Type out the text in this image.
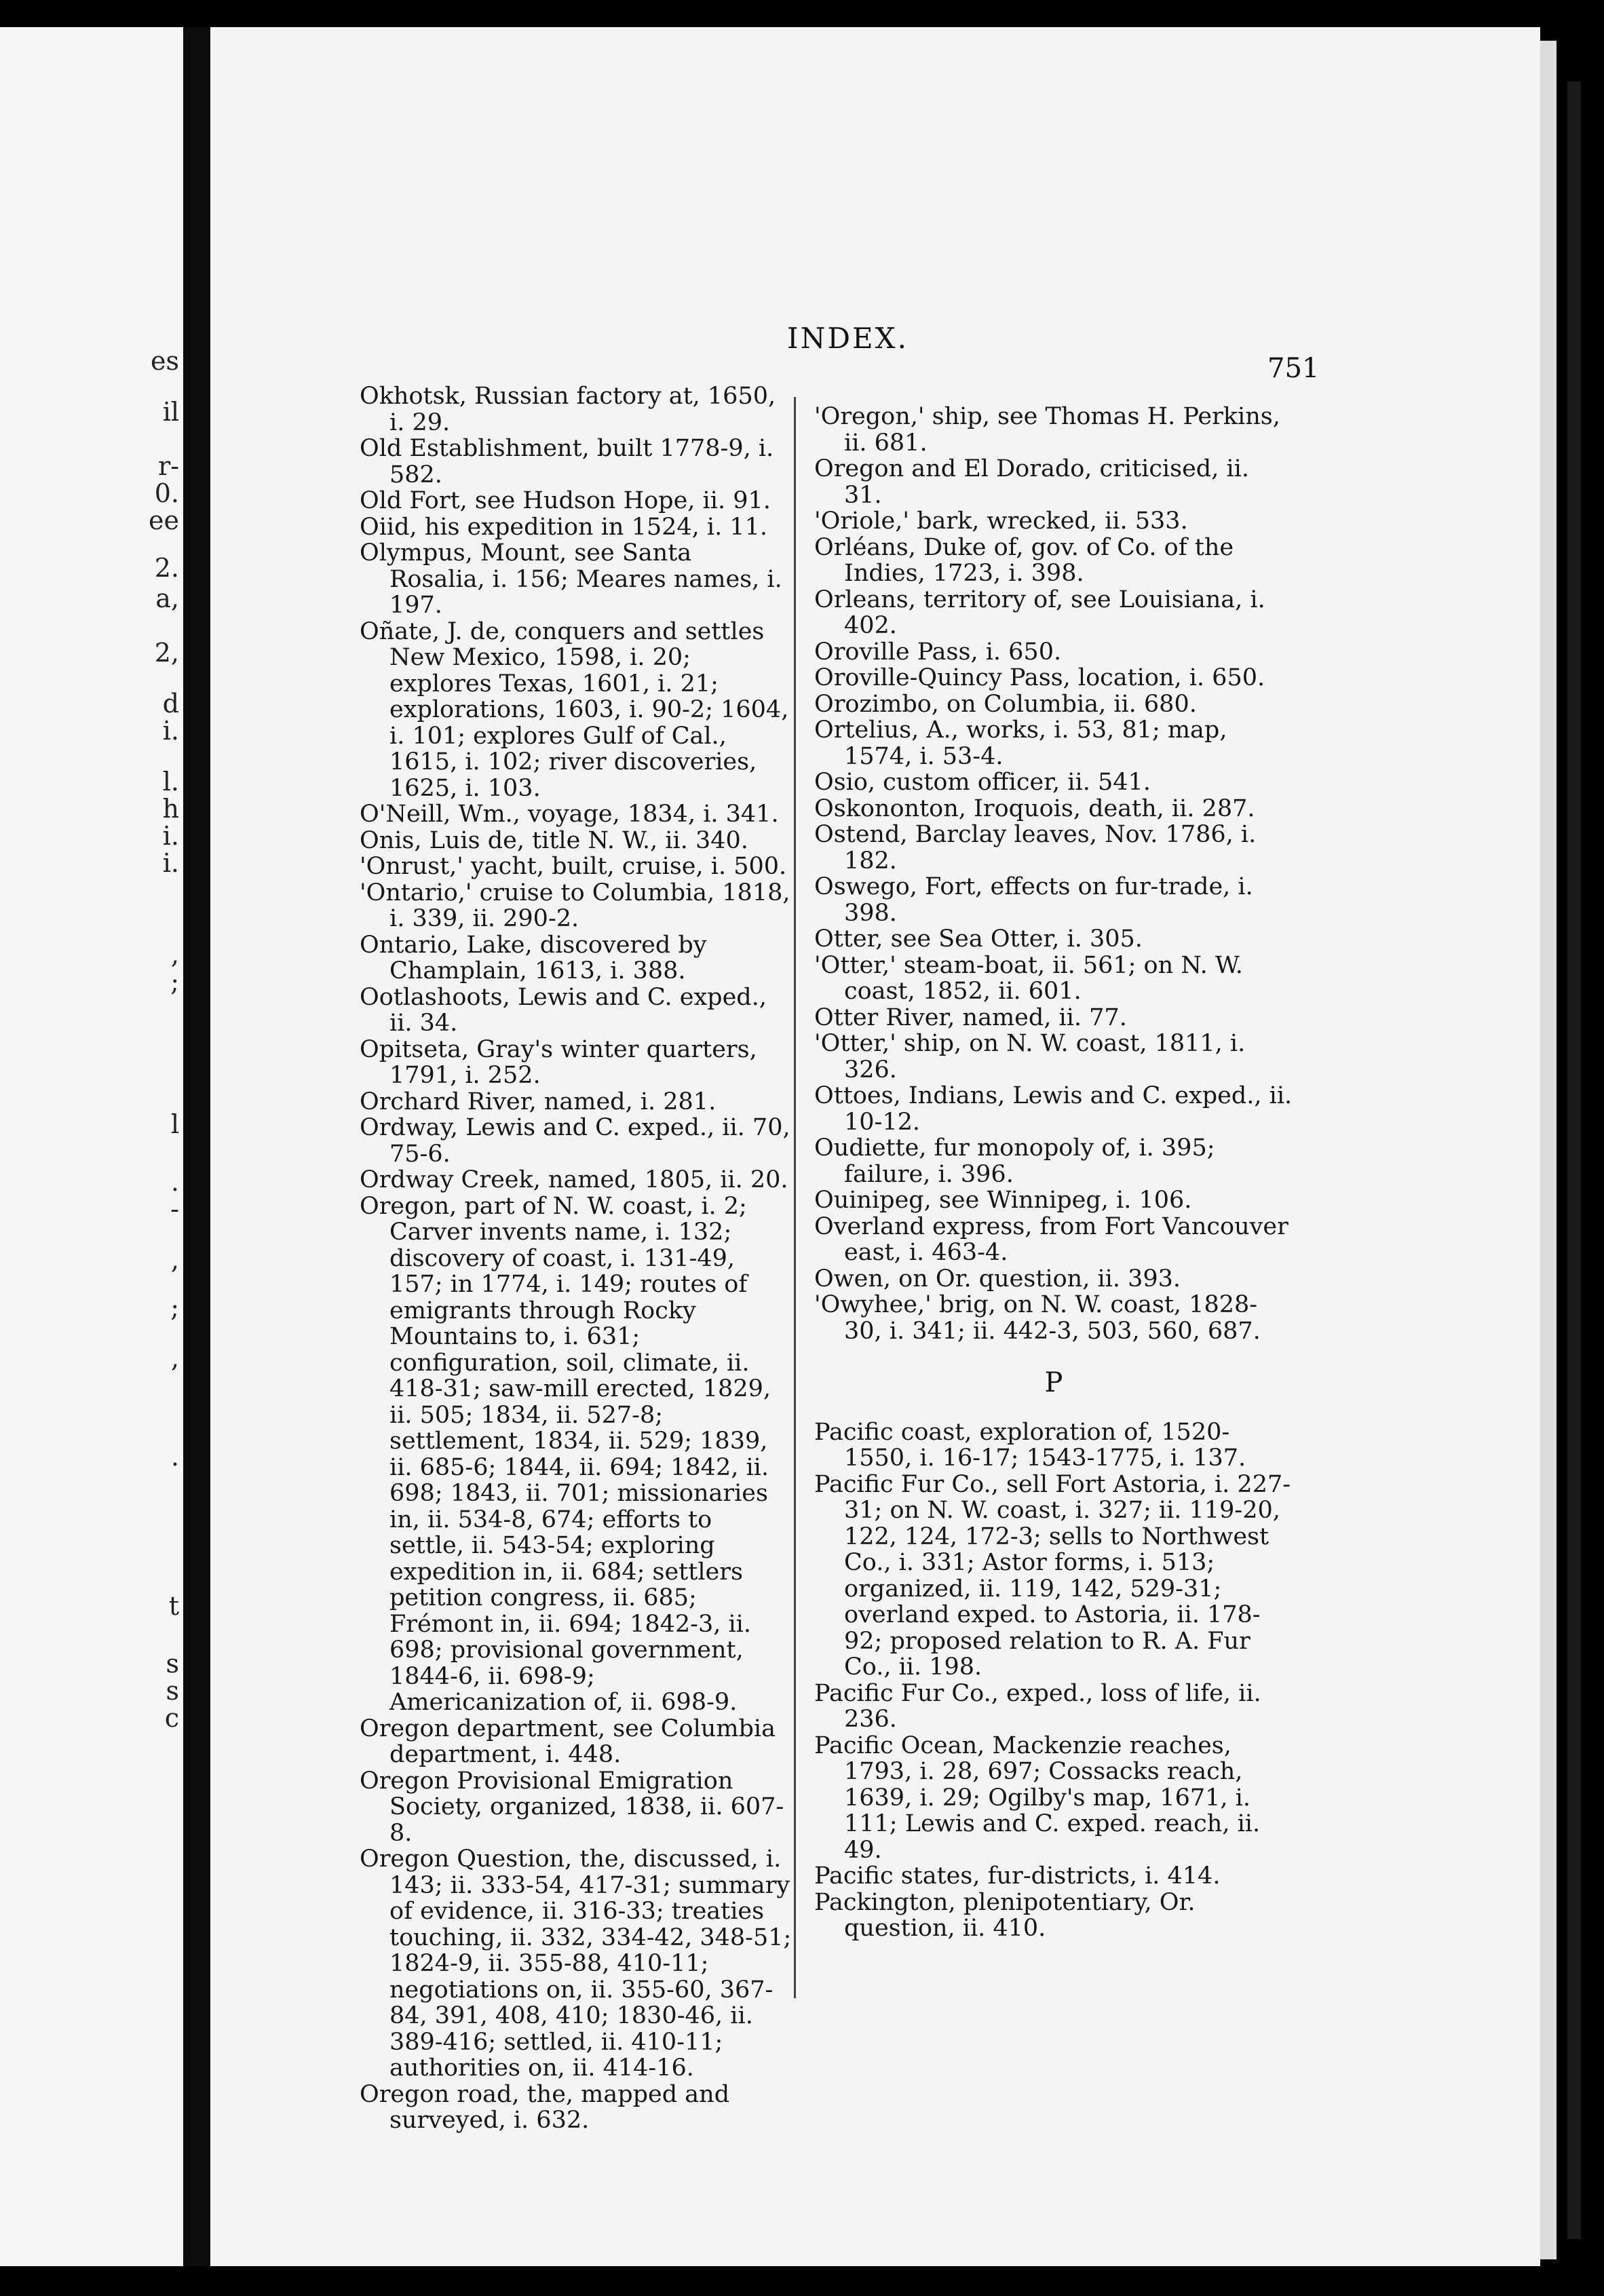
es
il
r-
0.
ee
2.
a,
2,
d
i.
l.
h
i.
i.
,
;
l
.
-
,
;
,
.
t
s
s
c
INDEX.
751

Okhotsk, Russian factory at, 1650, i. 29.

Old Establishment, built 1778-9, i. 582.

Old Fort, see Hudson Hope, ii. 91.

Oiid, his expedition in 1524, i. 11.

Olympus, Mount, see Santa Rosalia, i. 156; Meares names, i. 197.

Oñate, J. de, conquers and settles New Mexico, 1598, i. 20; explores Texas, 1601, i. 21; explorations, 1603, i. 90-2; 1604, i. 101; explores Gulf of Cal., 1615, i. 102; river discoveries, 1625, i. 103.

O'Neill, Wm., voyage, 1834, i. 341.

Onis, Luis de, title N. W., ii. 340.

'Onrust,' yacht, built, cruise, i. 500.

'Ontario,' cruise to Columbia, 1818, i. 339, ii. 290-2.

Ontario, Lake, discovered by Champlain, 1613, i. 388.

Ootlashoots, Lewis and C. exped., ii. 34.

Opitseta, Gray's winter quarters, 1791, i. 252.

Orchard River, named, i. 281.

Ordway, Lewis and C. exped., ii. 70, 75-6.

Ordway Creek, named, 1805, ii. 20.

Oregon, part of N. W. coast, i. 2; Carver invents name, i. 132; discovery of coast, i. 131-49, 157; in 1774, i. 149; routes of emigrants through Rocky Mountains to, i. 631; configuration, soil, climate, ii. 418-31; saw-mill erected, 1829, ii. 505; 1834, ii. 527-8; settlement, 1834, ii. 529; 1839, ii. 685-6; 1844, ii. 694; 1842, ii. 698; 1843, ii. 701; missionaries in, ii. 534-8, 674; efforts to settle, ii. 543-54; exploring expedition in, ii. 684; settlers petition congress, ii. 685; Frémont in, ii. 694; 1842-3, ii. 698; provisional government, 1844-6, ii. 698-9; Americanization of, ii. 698-9.

Oregon department, see Columbia department, i. 448.

Oregon Provisional Emigration Society, organized, 1838, ii. 607-8.

Oregon Question, the, discussed, i. 143; ii. 333-54, 417-31; summary of evidence, ii. 316-33; treaties touching, ii. 332, 334-42, 348-51; 1824-9, ii. 355-88, 410-11; negotiations on, ii. 355-60, 367-84, 391, 408, 410; 1830-46, ii. 389-416; settled, ii. 410-11; authorities on, ii. 414-16.

Oregon road, the, mapped and surveyed, i. 632.

'Oregon,' ship, see Thomas H. Perkins, ii. 681.

Oregon and El Dorado, criticised, ii. 31.

'Oriole,' bark, wrecked, ii. 533.

Orléans, Duke of, gov. of Co. of the Indies, 1723, i. 398.

Orleans, territory of, see Louisiana, i. 402.

Oroville Pass, i. 650.

Oroville-Quincy Pass, location, i. 650.

Orozimbo, on Columbia, ii. 680.

Ortelius, A., works, i. 53, 81; map, 1574, i. 53-4.

Osio, custom officer, ii. 541.

Oskononton, Iroquois, death, ii. 287.

Ostend, Barclay leaves, Nov. 1786, i. 182.

Oswego, Fort, effects on fur-trade, i. 398.

Otter, see Sea Otter, i. 305.

'Otter,' steam-boat, ii. 561; on N. W. coast, 1852, ii. 601.

Otter River, named, ii. 77.

'Otter,' ship, on N. W. coast, 1811, i. 326.

Ottoes, Indians, Lewis and C. exped., ii. 10-12.

Oudiette, fur monopoly of, i. 395; failure, i. 396.

Ouinipeg, see Winnipeg, i. 106.

Overland express, from Fort Vancouver east, i. 463-4.

Owen, on Or. question, ii. 393.

'Owyhee,' brig, on N. W. coast, 1828-30, i. 341; ii. 442-3, 503, 560, 687.

P

Pacific coast, exploration of, 1520-1550, i. 16-17; 1543-1775, i. 137.

Pacific Fur Co., sell Fort Astoria, i. 227-31; on N. W. coast, i. 327; ii. 119-20, 122, 124, 172-3; sells to Northwest Co., i. 331; Astor forms, i. 513; organized, ii. 119, 142, 529-31; overland exped. to Astoria, ii. 178-92; proposed relation to R. A. Fur Co., ii. 198.

Pacific Fur Co., exped., loss of life, ii. 236.

Pacific Ocean, Mackenzie reaches, 1793, i. 28, 697; Cossacks reach, 1639, i. 29; Ogilby's map, 1671, i. 111; Lewis and C. exped. reach, ii. 49.

Pacific states, fur-districts, i. 414.

Packington, plenipotentiary, Or. question, ii. 410.
